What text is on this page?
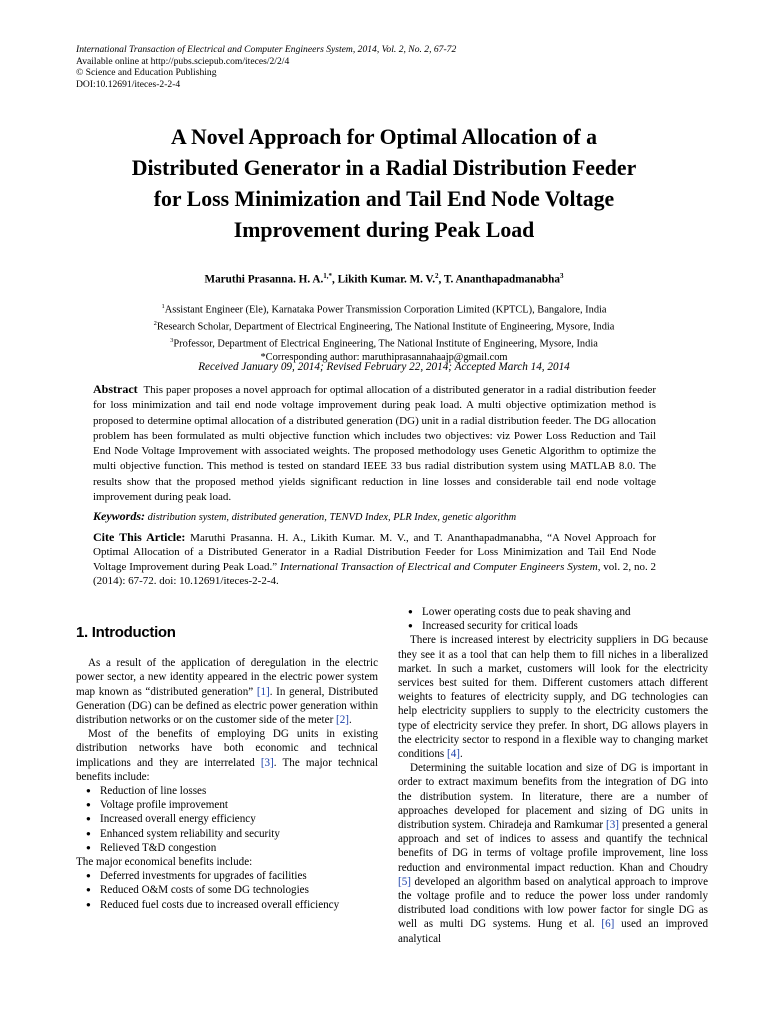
International Transaction of Electrical and Computer Engineers System, 2014, Vol. 2, No. 2, 67-72
Available online at http://pubs.sciepub.com/iteces/2/2/4
© Science and Education Publishing
DOI:10.12691/iteces-2-2-4
A Novel Approach for Optimal Allocation of a
Distributed Generator in a Radial Distribution Feeder
for Loss Minimization and Tail End Node Voltage
Improvement during Peak Load
Maruthi Prasanna. H. A.$^{1,*}$, Likith Kumar. M. V.$^2$, T. Ananthapadmanabha$^3$
$^1$Assistant Engineer (Ele), Karnataka Power Transmission Corporation Limited (KPTCL), Bangalore, India
$^2$Research Scholar, Department of Electrical Engineering, The National Institute of Engineering, Mysore, India
$^3$Professor, Department of Electrical Engineering, The National Institute of Engineering, Mysore, India
*Corresponding author: maruthiprasannahaajp@gmail.com
Received January 09, 2014; Revised February 22, 2014; Accepted March 14, 2014
Abstract This paper proposes a novel approach for optimal allocation of a distributed generator in a radial distribution feeder for loss minimization and tail end node voltage improvement during peak load. A multi objective optimization method is proposed to determine optimal allocation of a distributed generation (DG) unit in a radial distribution feeder. The DG allocation problem has been formulated as multi objective function which includes two objectives: viz Power Loss Reduction and Tail End Node Voltage Improvement with associated weights. The proposed methodology uses Genetic Algorithm to optimize the multi objective function. This method is tested on standard IEEE 33 bus radial distribution system using MATLAB 8.0. The results show that the proposed method yields significant reduction in line losses and considerable tail end node voltage improvement during peak load.
Keywords: distribution system, distributed generation, TENVD Index, PLR Index, genetic algorithm
Cite This Article: Maruthi Prasanna. H. A., Likith Kumar. M. V., and T. Ananthapadmanabha, “A Novel Approach for Optimal Allocation of a Distributed Generator in a Radial Distribution Feeder for Loss Minimization and Tail End Node Voltage Improvement during Peak Load.” International Transaction of Electrical and Computer Engineers System, vol. 2, no. 2 (2014): 67-72. doi: 10.12691/iteces-2-2-4.
1. Introduction

As a result of the application of deregulation in the electric power sector, a new identity appeared in the electric power system map known as “distributed generation” [1]. In general, Distributed Generation (DG) can be defined as electric power generation within distribution networks or on the customer side of the meter [2].

Most of the benefits of employing DG units in existing distribution networks have both economic and technical implications and they are interrelated [3]. The major technical benefits include:

● Reduction of line losses
● Voltage profile improvement
● Increased overall energy efficiency
● Enhanced system reliability and security
● Relieved T&D congestion

The major economical benefits include:

● Deferred investments for upgrades of facilities
● Reduced O&M costs of some DG technologies
● Reduced fuel costs due to increased overall efficiency
● Lower operating costs due to peak shaving and
● Increased security for critical loads

There is increased interest by electricity suppliers in DG because they see it as a tool that can help them to fill niches in a liberalized market. In such a market, customers will look for the electricity services best suited for them. Different customers attach different weights to features of electricity supply, and DG technologies can help electricity suppliers to supply to the electricity customers the type of electricity service they prefer. In short, DG allows players in the electricity sector to respond in a flexible way to changing market conditions [4].

Determining the suitable location and size of DG is important in order to extract maximum benefits from the integration of DG into the distribution system. In literature, there are a number of approaches developed for placement and sizing of DG units in distribution system. Chiradeja and Ramkumar [3] presented a general approach and set of indices to assess and quantify the technical benefits of DG in terms of voltage profile improvement, line loss reduction and environmental impact reduction. Khan and Choudry [5] developed an algorithm based on analytical approach to improve the voltage profile and to reduce the power loss under randomly distributed load conditions with low power factor for single DG as well as multi DG systems. Hung et al. [6] used an improved analytical
